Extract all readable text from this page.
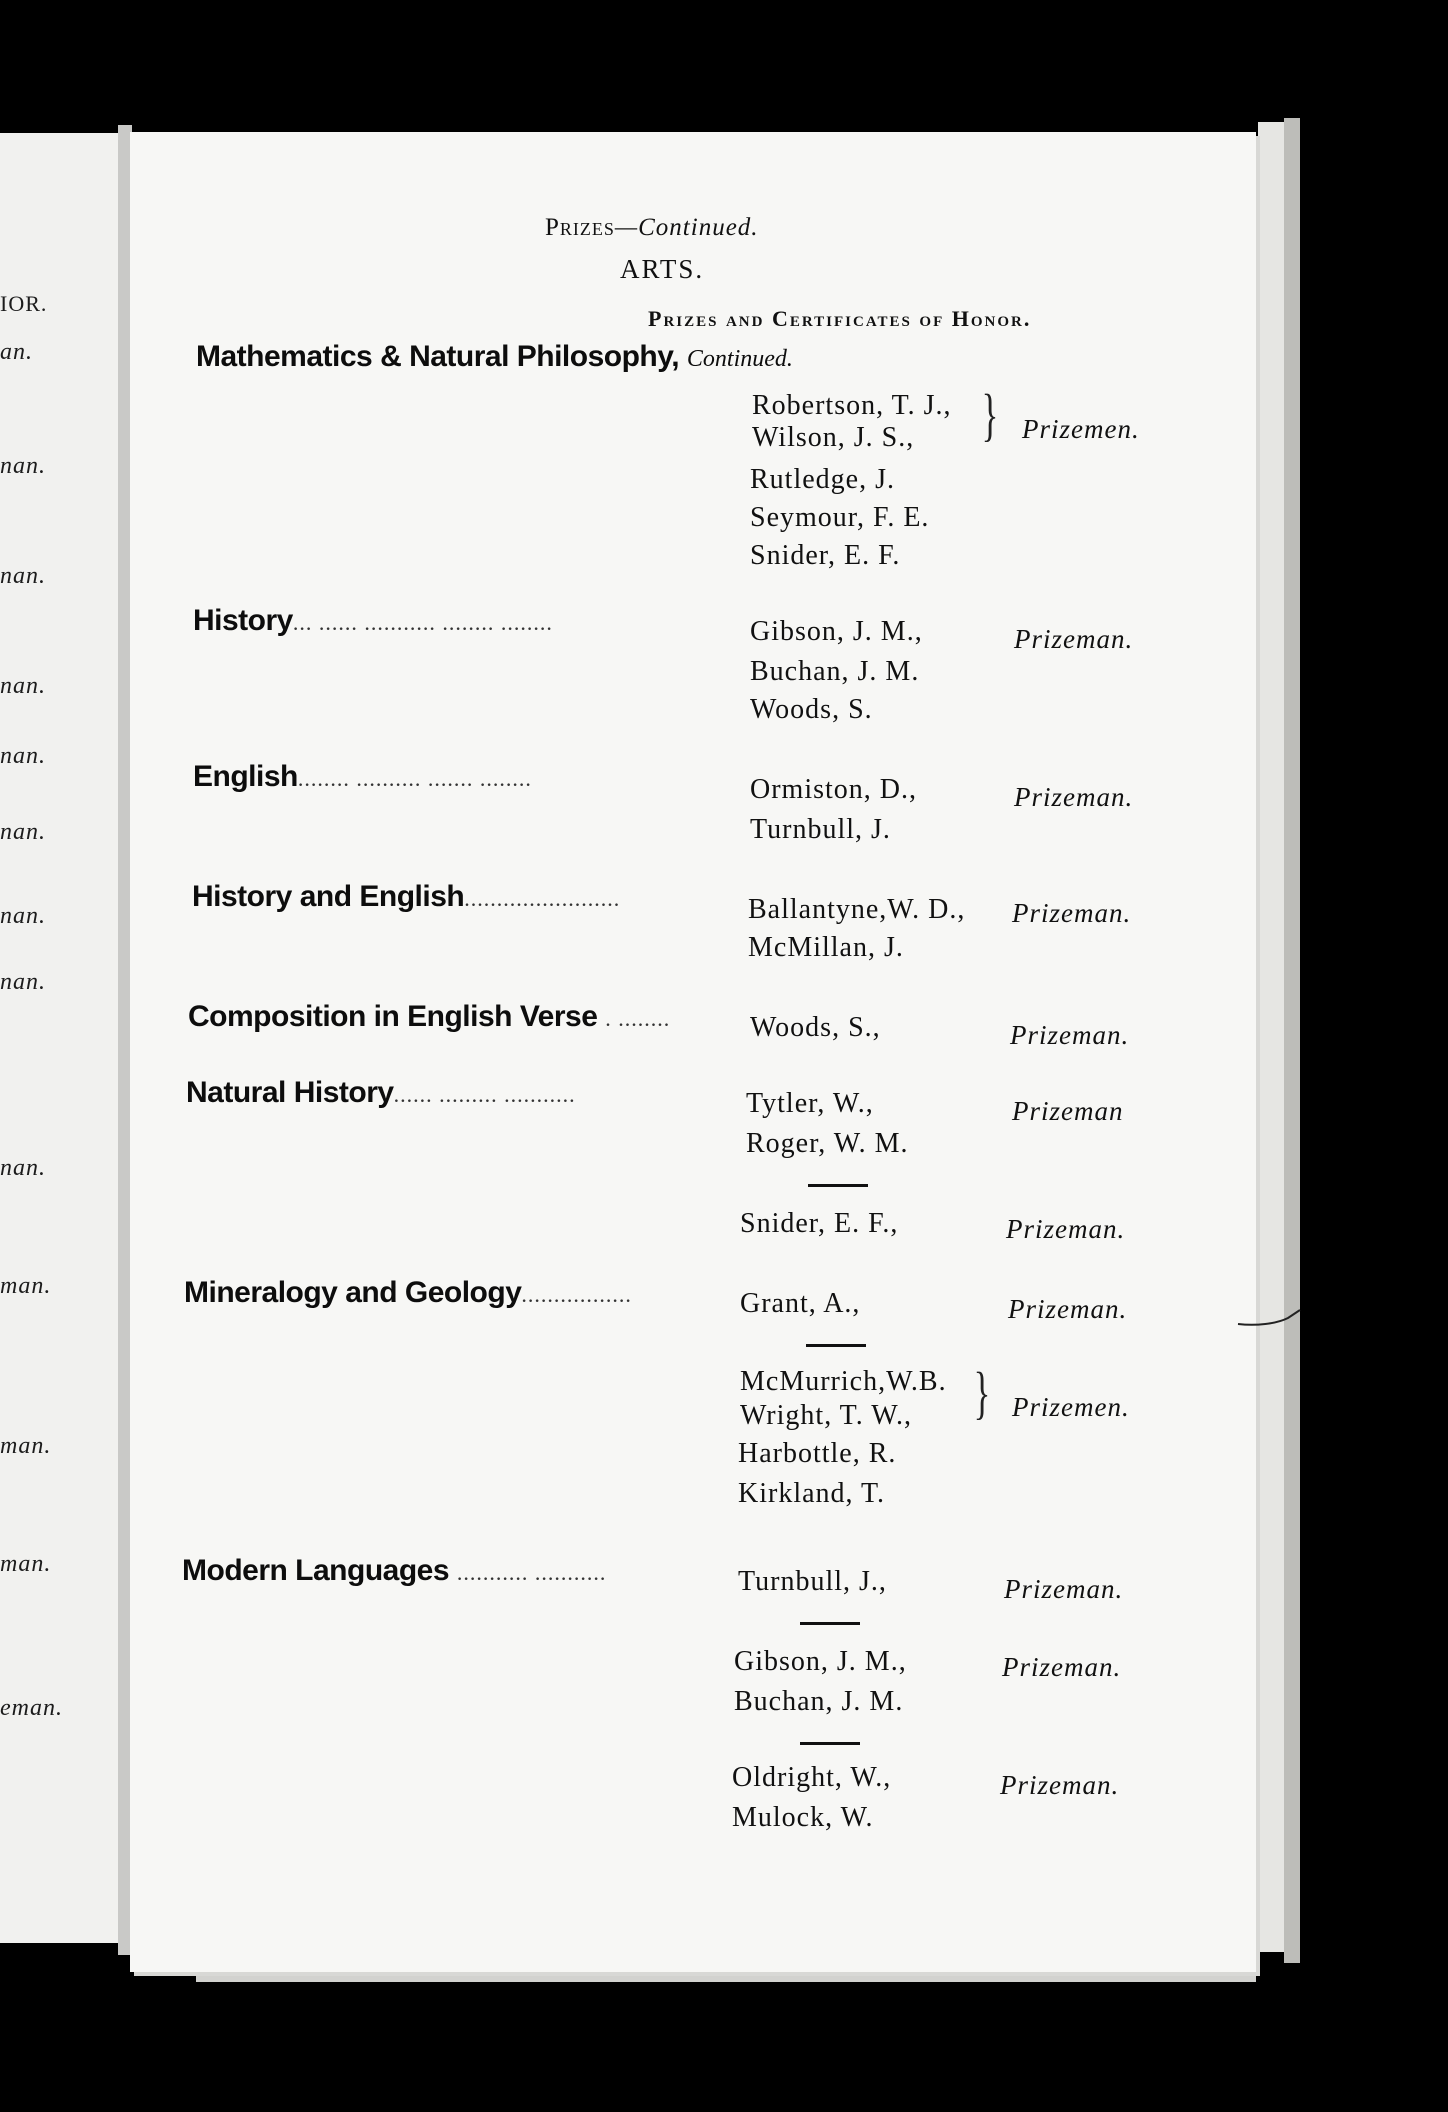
IOR.
an.
nan.
nan.
nan.
nan.
nan.
nan.
nan.
nan.
man.
man.
man.
eman.
Prizes—Continued.
ARTS.
Prizes and Certificates of Honor.
Mathematics & Natural Philosophy, Continued.
Robertson, T. J.,
Wilson, J. S., } Prizemen.
Rutledge, J.
Seymour, F. E.
Snider, E. F.
History... ...... ........... ........ ........	Gibson, J. M.,	Prizeman.
Buchan, J. M.
Woods, S.
English........ .......... ....... ........	Ormiston, D.,	Prizeman.
Turnbull, J.
History and English........................	Ballantyne,W. D., Prizeman.
McMillan, J.
Composition in English Verse . ........	Woods, S.,	Prizeman.
Natural History...... ......... ...........	Tytler, W.,	Prizeman
Roger, W. M.
Snider, E. F.,	Prizeman.
Mineralogy and Geology.................	Grant, A.,	Prizeman.
McMurrich,W.B.
Wright, T. W., } Prizemen.
Harbottle, R.
Kirkland, T.
Modern Languages ........... ...........	Turnbull, J.,	Prizeman.
Gibson, J. M.,	Prizeman.
Buchan, J. M.
Oldright, W.,	Prizeman.
Mulock, W.
